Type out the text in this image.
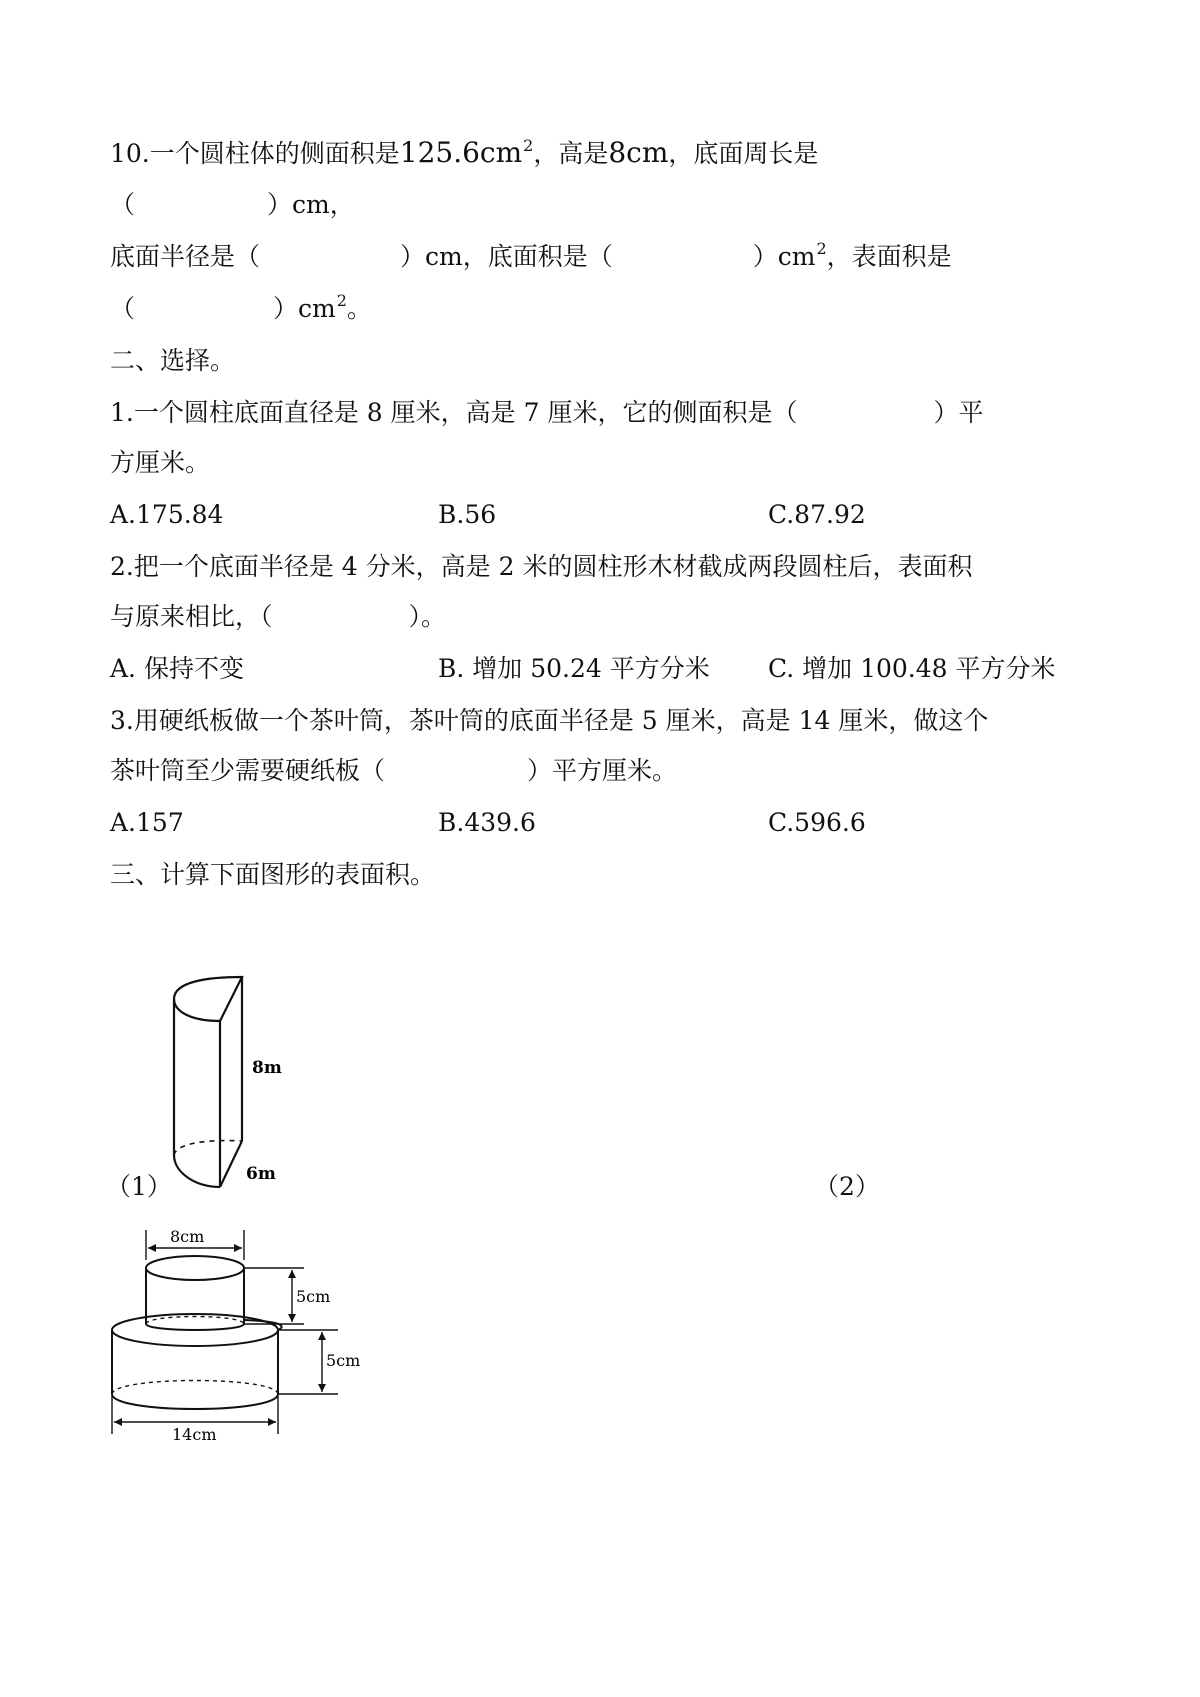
10.一个圆柱体的侧面积是$125.6cm^2$，高是8cm，底面周长是
（	）cm，
底面半径是（	）cm，底面积是（	）$cm^2$，表面积是
（	）$cm^2$。
二、选择。
1.一个圆柱底面直径是 8 厘米，高是 7 厘米，它的侧面积是（	）平
方厘米。
A.175.84	B.56	C.87.92
2.把一个底面半径是 4 分米，高是 2 米的圆柱形木材截成两段圆柱后，表面积
与原来相比，（	）。
A. 保持不变	B. 增加 50.24 平方分米 C. 增加 100.48 平方分米
3.用硬纸板做一个茶叶筒，茶叶筒的底面半径是 5 厘米，高是 14 厘米，做这个
茶叶筒至少需要硬纸板（	）平方厘米。
A.157	B.439.6	C.596.6
三、计算下面图形的表面积。
8m
6m
（1）	（2）
8cm
5cm
5cm
14cm
